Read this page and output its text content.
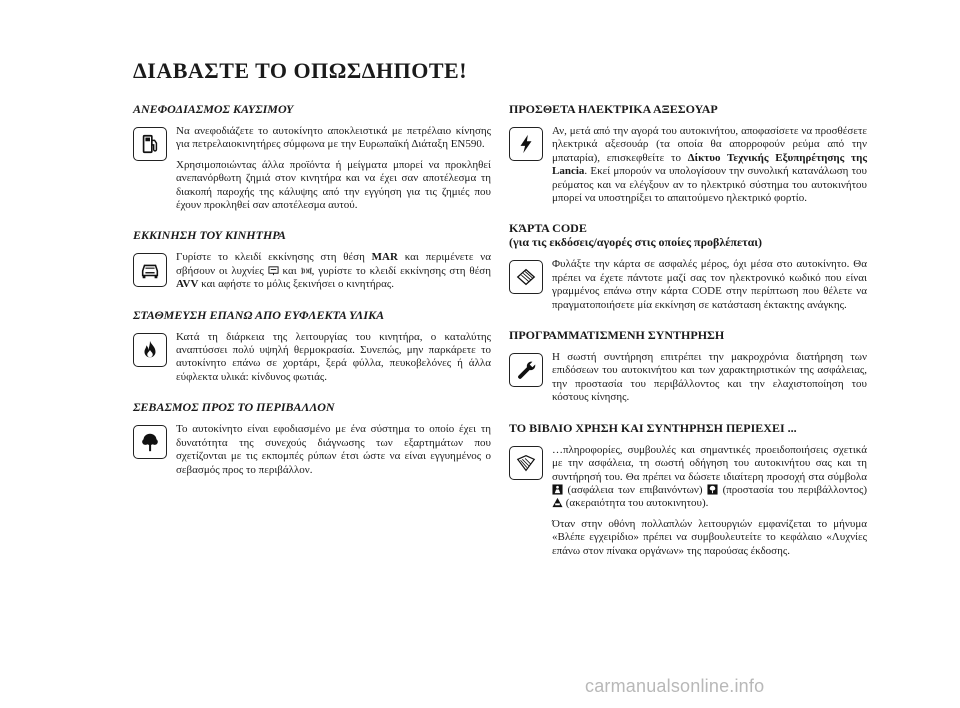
ΔΙΑΒΑΣΤΕ ΤΟ ΟΠΩΣΔΗΠΟΤΕ!
ΑΝΕΦΟΔΙΑΣΜΟΣ ΚΑΥΣΙΜΟΥ

Να ανεφοδιάζετε το αυτοκίνητο αποκλειστικά με πετρέλαιο κίνησης για πετρελαιοκινητήρες σύμφωνα με την Ευρωπαϊκή Διάταξη EN590.

Χρησιμοποιώντας άλλα προϊόντα ή μείγματα μπορεί να προκληθεί ανεπανόρθωτη ζημιά στον κινητήρα και να έχει σαν αποτέλεσμα τη διακοπή παροχής της κάλυψης από την εγγύηση για τις ζημιές που έχουν προκληθεί σαν αποτέλεσμα αυτού.

ΕΚΚΙΝΗΣΗ ΤΟΥ ΚΙΝΗΤΗΡΑ

Γυρίστε το κλειδί εκκίνησης στη θέση MAR και περιμένετε να σβήσουν οι λυχνίες  και , γυρίστε το κλειδί εκκίνησης στη θέση AVV και αφήστε το μόλις ξεκινήσει ο κινητήρας.

ΣΤΑΘΜΕΥΣΗ ΕΠΑΝΩ ΑΠΟ ΕΥΦΛΕΚΤΑ ΥΛΙΚΑ

Κατά τη διάρκεια της λειτουργίας του κινητήρα, ο καταλύτης αναπτύσσει πολύ υψηλή θερμοκρασία. Συνεπώς, μην παρκάρετε το αυτοκίνητο επάνω σε χορτάρι, ξερά φύλλα, πευκοβελόνες ή άλλα εύφλεκτα υλικά: κίνδυνος φωτιάς.

ΣΕΒΑΣΜΟΣ ΠΡΟΣ ΤΟ ΠΕΡΙΒΑΛΛΟΝ

Το αυτοκίνητο είναι εφοδιασμένο με ένα σύστημα το οποίο έχει τη δυνατότητα της συνεχούς διάγνωσης των εξαρτημάτων που σχετίζονται με τις εκπομπές ρύπων έτσι ώστε να είναι εγγυημένος ο σεβασμός προς το περιβάλλον.

ΠΡΟΣΘΕΤΑ ΗΛΕΚΤΡΙΚΑ ΑΞΕΣΟΥΑΡ

Αν, μετά από την αγορά του αυτοκινήτου, αποφασίσετε να προσθέσετε ηλεκτρικά αξεσουάρ (τα οποία θα απορροφούν ρεύμα από την μπαταρία), επισκεφθείτε το Δίκτυο Τεχνικής Εξυπηρέτησης της Lancia. Εκεί μπορούν να υπολογίσουν την συνολική κατανάλωση του ρεύματος και να ελέγξουν αν το ηλεκτρικό σύστημα του αυτοκινήτου μπορεί να υποστηρίξει το απαιτούμενο ηλεκτρικό φορτίο.

ΚΆΡΤΑ CODE
(για τις εκδόσεις/αγορές στις οποίες προβλέπεται)

Φυλάξτε την κάρτα σε ασφαλές μέρος, όχι μέσα στο αυτοκίνητο. Θα πρέπει να έχετε πάντοτε μαζί σας τον ηλεκτρονικό κωδικό που είναι γραμμένος επάνω στην κάρτα CODE στην περίπτωση που θέλετε να πραγματοποιήσετε μία εκκίνηση σε κατάσταση έκτακτης ανάγκης.

ΠΡΟΓΡΑΜΜΑΤΙΣΜΕΝΗ ΣΥΝΤΗΡΗΣΗ

Η σωστή συντήρηση επιτρέπει την μακροχρόνια διατήρηση των επιδόσεων του αυτοκινήτου και των χαρακτηριστικών της ασφάλειας, την προστασία του περιβάλλοντος και την ελαχιστοποίηση του κόστους κίνησης.

ΤΟ ΒΙΒΛΙΟ ΧΡΗΣΗ ΚΑΙ ΣΥΝΤΗΡΗΣΗ ΠΕΡΙΕΧΕΙ ...

…πληροφορίες, συμβουλές και σημαντικές προειδοποιήσεις σχετικά με την ασφάλεια, τη σωστή οδήγηση του αυτοκινήτου σας και τη συντήρησή του. Θα πρέπει να δώσετε ιδιαίτερη προσοχή στα σύμβολα  (ασφάλεια των επιβαινόντων)  (προστασία του περιβάλλοντος)  (ακεραιότητα του αυτοκινητου).

Όταν στην οθόνη πολλαπλών λειτουργιών εμφανίζεται το μήνυμα «Βλέπε εγχειρίδιο» πρέπει να συμβουλευτείτε το κεφάλαιο «Λυχνίες επάνω στον πίνακα οργάνων» της παρούσας έκδοσης.

carmanualsonline.info
